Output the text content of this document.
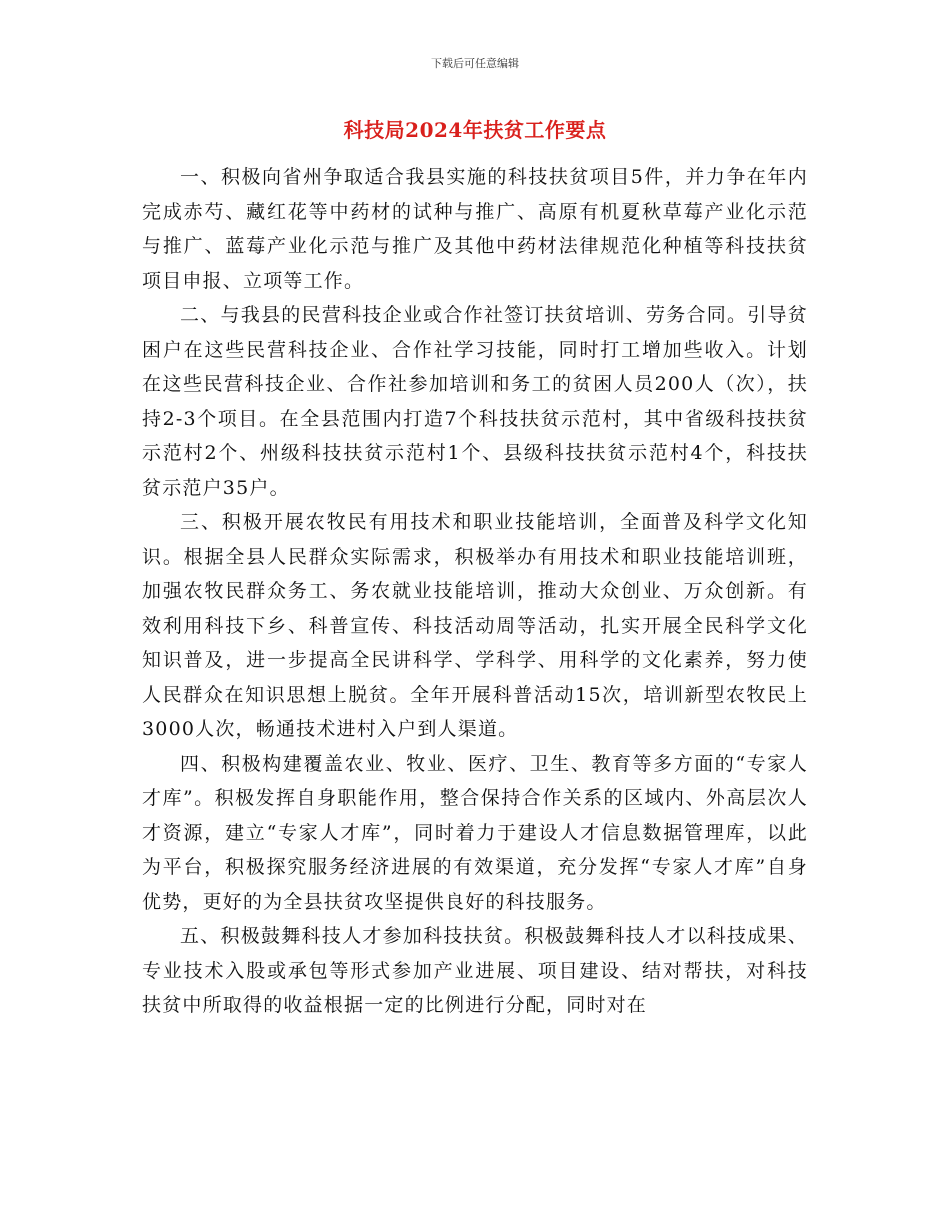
下载后可任意编辑
科技局2024年扶贫工作要点

一、积极向省州争取适合我县实施的科技扶贫项目5件，并力争在年内完成赤芍、藏红花等中药材的试种与推广、高原有机夏秋草莓产业化示范与推广、蓝莓产业化示范与推广及其他中药材法律规范化种植等科技扶贫项目申报、立项等工作。

二、与我县的民营科技企业或合作社签订扶贫培训、劳务合同。引导贫困户在这些民营科技企业、合作社学习技能，同时打工增加些收入。计划在这些民营科技企业、合作社参加培训和务工的贫困人员200人（次），扶持2-3个项目。在全县范围内打造7个科技扶贫示范村，其中省级科技扶贫示范村2个、州级科技扶贫示范村1个、县级科技扶贫示范村4个，科技扶贫示范户35户。

三、积极开展农牧民有用技术和职业技能培训，全面普及科学文化知识。根据全县人民群众实际需求，积极举办有用技术和职业技能培训班，加强农牧民群众务工、务农就业技能培训，推动大众创业、万众创新。有效利用科技下乡、科普宣传、科技活动周等活动，扎实开展全民科学文化知识普及，进一步提高全民讲科学、学科学、用科学的文化素养，努力使人民群众在知识思想上脱贫。全年开展科普活动15次，培训新型农牧民上3000人次，畅通技术进村入户到人渠道。

四、积极构建覆盖农业、牧业、医疗、卫生、教育等多方面的“专家人才库”。积极发挥自身职能作用，整合保持合作关系的区域内、外高层次人才资源，建立“专家人才库”，同时着力于建设人才信息数据管理库，以此为平台，积极探究服务经济进展的有效渠道，充分发挥“专家人才库”自身优势，更好的为全县扶贫攻坚提供良好的科技服务。

五、积极鼓舞科技人才参加科技扶贫。积极鼓舞科技人才以科技成果、专业技术入股或承包等形式参加产业进展、项目建设、结对帮扶，对科技扶贫中所取得的收益根据一定的比例进行分配，同时对在
